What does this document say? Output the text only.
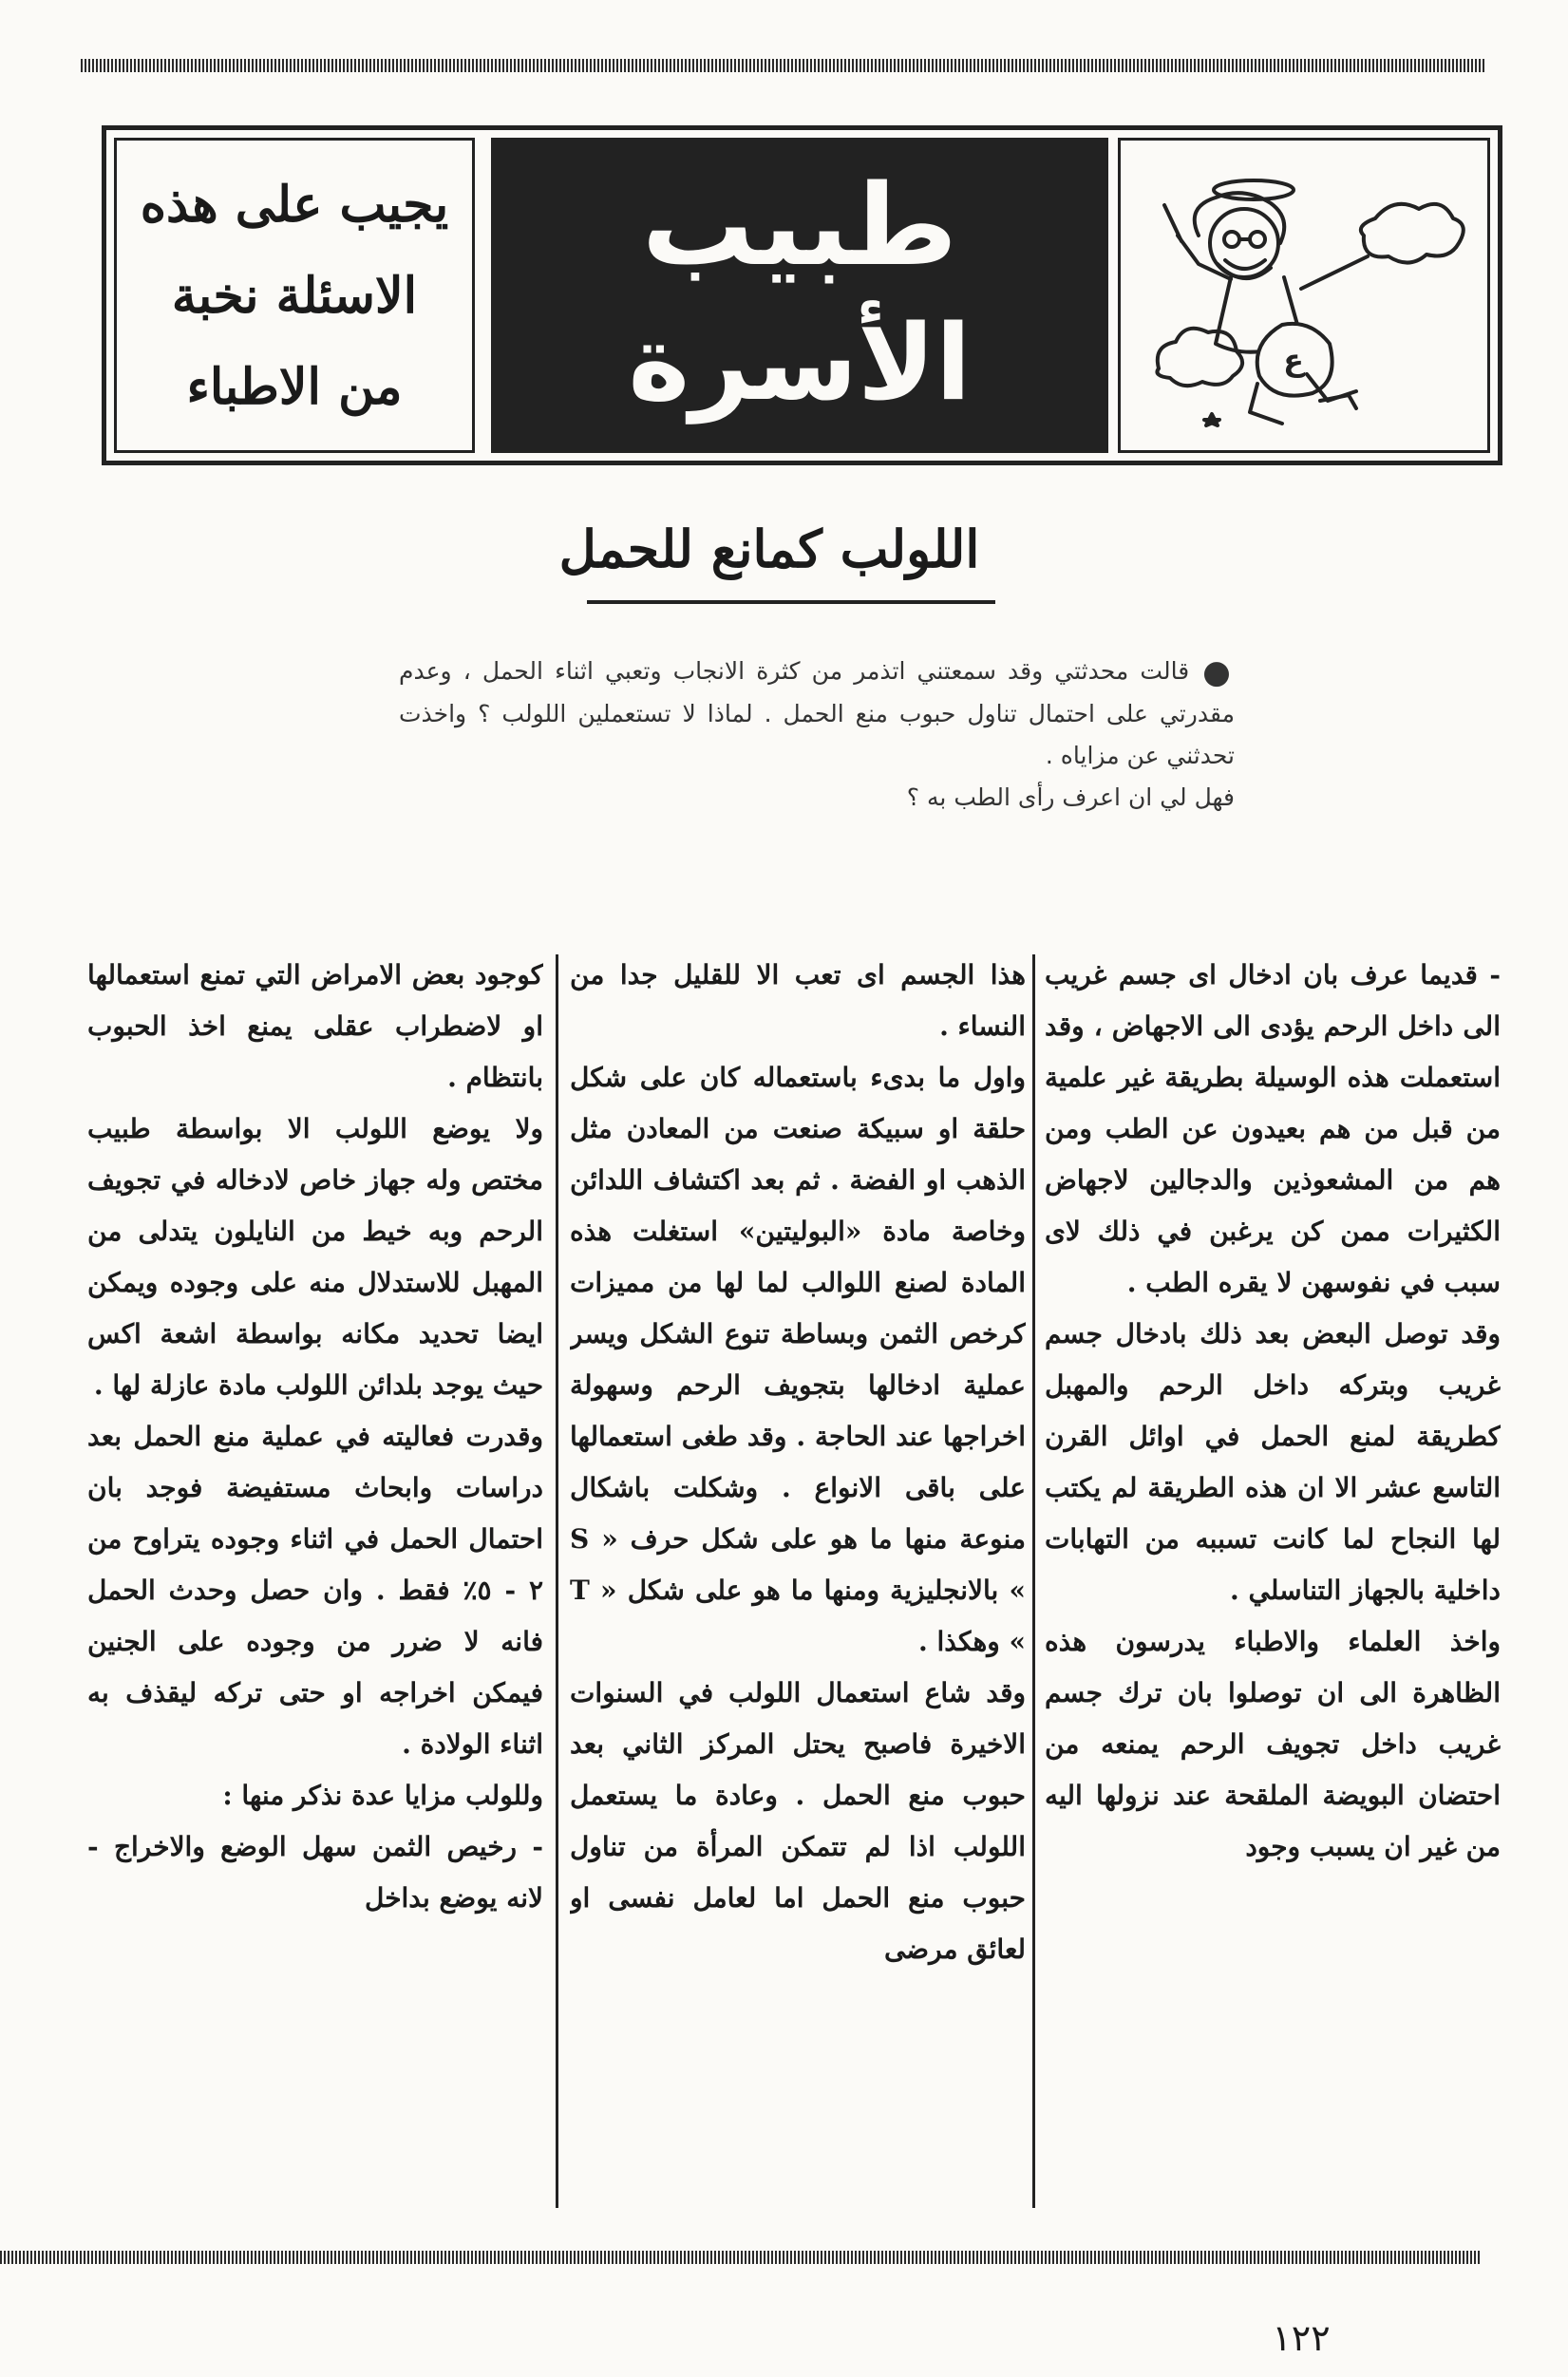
ع
طبيب
الأسرة
يجيب على هذه
الاسئلة نخبة
من الاطباء
اللولب كمانع للحمل

●قالت محدثتي وقد سمعتني اتذمر من كثرة الانجاب وتعبي اثناء الحمل ، وعدم مقدرتي على احتمال تناول حبوب منع الحمل . لماذا لا تستعملين اللولب ؟ واخذت تحدثني عن مزاياه .

فهل لي ان اعرف رأى الطب به ؟

- قديما عرف بان ادخال اى جسم غريب الى داخل الرحم يؤدى الى الاجهاض ، وقد استعملت هذه الوسيلة بطريقة غير علمية من قبل من هم بعيدون عن الطب ومن هم من المشعوذين والدجالين لاجهاض الكثيرات ممن كن يرغبن في ذلك لاى سبب في نفوسهن لا يقره الطب .

وقد توصل البعض بعد ذلك بادخال جسم غريب وبتركه داخل الرحم والمهبل كطريقة لمنع الحمل في اوائل القرن التاسع عشر الا ان هذه الطريقة لم يكتب لها النجاح لما كانت تسببه من التهابات داخلية بالجهاز التناسلي .

واخذ العلماء والاطباء يدرسون هذه الظاهرة الى ان توصلوا بان ترك جسم غريب داخل تجويف الرحم يمنعه من احتضان البويضة الملقحة عند نزولها اليه من غير ان يسبب وجود

هذا الجسم اى تعب الا للقليل جدا من النساء .

واول ما بدىء باستعماله كان على شكل حلقة او سبيكة صنعت من المعادن مثل الذهب او الفضة . ثم بعد اكتشاف اللدائن وخاصة مادة «البوليتين» استغلت هذه المادة لصنع اللوالب لما لها من مميزات كرخص الثمن وبساطة تنوع الشكل ويسر عملية ادخالها بتجويف الرحم وسهولة اخراجها عند الحاجة . وقد طغى استعمالها على باقى الانواع . وشكلت باشكال منوعة منها ما هو على شكل حرف « S » بالانجليزية ومنها ما هو على شكل « T » وهكذا .

وقد شاع استعمال اللولب في السنوات الاخيرة فاصبح يحتل المركز الثاني بعد حبوب منع الحمل . وعادة ما يستعمل اللولب اذا لم تتمكن المرأة من تناول حبوب منع الحمل اما لعامل نفسى او لعائق مرضى

كوجود بعض الامراض التي تمنع استعمالها او لاضطراب عقلى يمنع اخذ الحبوب بانتظام .

ولا يوضع اللولب الا بواسطة طبيب مختص وله جهاز خاص لادخاله في تجويف الرحم وبه خيط من النايلون يتدلى من المهبل للاستدلال منه على وجوده ويمكن ايضا تحديد مكانه بواسطة اشعة اكس حيث يوجد بلدائن اللولب مادة عازلة لها .

وقدرت فعاليته في عملية منع الحمل بعد دراسات وابحاث مستفيضة فوجد بان احتمال الحمل في اثناء وجوده يتراوح من ٢ - ٥٪ فقط . وان حصل وحدث الحمل فانه لا ضرر من وجوده على الجنين فيمكن اخراجه او حتى تركه ليقذف به اثناء الولادة .

وللولب مزايا عدة نذكر منها :

- رخيص الثمن سهل الوضع والاخراج - لانه يوضع بداخل

١٢٢
